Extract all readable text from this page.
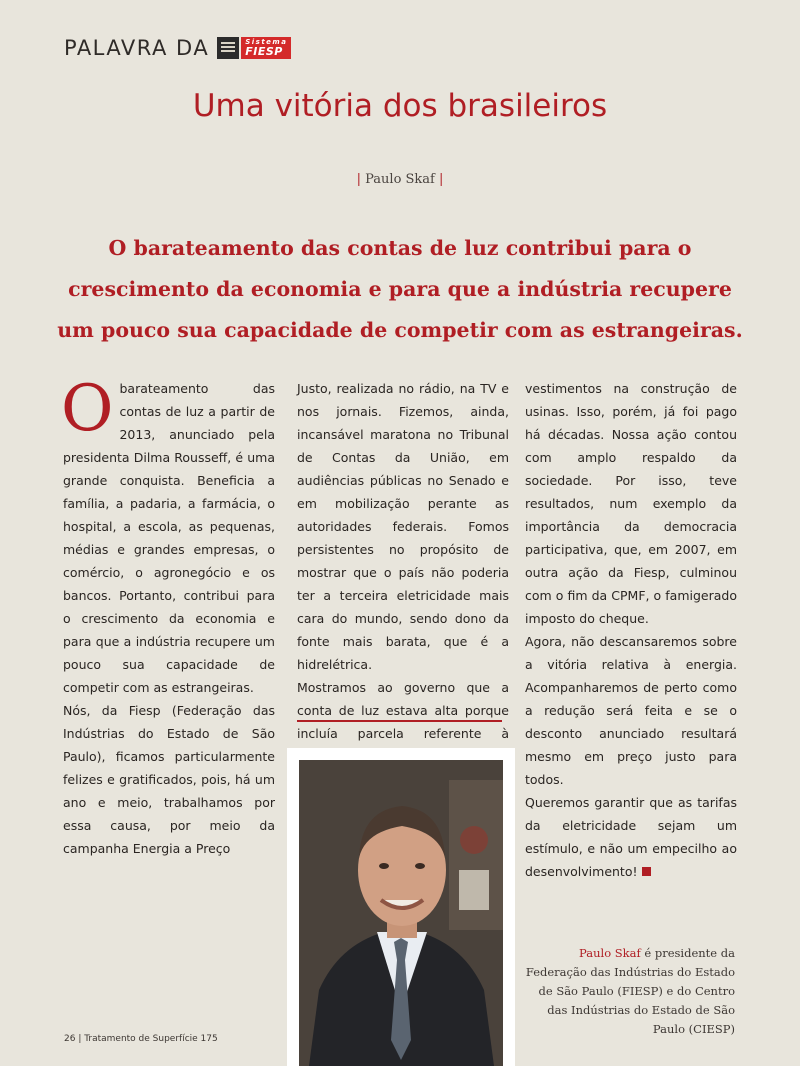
PALAVRA DA	Sistema
FIESP
Uma vitória dos brasileiros
| Paulo Skaf |

O barateamento das contas de luz contribui para o crescimento da economia e para que a indústria recupere um pouco sua capacidade de competir com as estrangeiras.

Obarateamento das contas de luz a partir de 2013, anunciado pela presidenta Dilma Rousseff, é uma grande conquista. Beneficia a família, a padaria, a farmácia, o hospital, a escola, as pequenas, médias e grandes empresas, o comércio, o agronegócio e os bancos. Portanto, contribui para o crescimento da economia e para que a indústria recupere um pouco sua capacidade de competir com as estrangeiras.

Nós, da Fiesp (Federação das Indústrias do Estado de São Paulo), ficamos particularmente felizes e gratificados, pois, há um ano e meio, trabalhamos por essa causa, por meio da campanha Energia a Preço

Justo, realizada no rádio, na TV e nos jornais. Fizemos, ainda, incansável maratona no Tribunal de Contas da União, em audiências públicas no Senado e em mobilização perante as autoridades federais. Fomos persistentes no propósito de mostrar que o país não poderia ter a terceira eletricidade mais cara do mundo, sendo dono da fonte mais barata, que é a hidrelétrica.

Mostramos ao governo que a conta de luz estava alta porque incluía parcela referente à

vestimentos na construção de usinas. Isso, porém, já foi pago há décadas. Nossa ação contou com amplo respaldo da sociedade. Por isso, teve resultados, num exemplo da importância da democracia participativa, que, em 2007, em outra ação da Fiesp, culminou com o fim da CPMF, o famigerado imposto do cheque.

Agora, não descansaremos sobre a vitória relativa à energia. Acompanharemos de perto como a redução será feita e se o desconto anunciado resultará mesmo em preço justo para todos.

Queremos garantir que as tarifas da eletricidade sejam um estímulo, e não um empecilho ao desenvolvimento!

Paulo Skaf é presidente da Federação das Indústrias do Estado de São Paulo (FIESP) e do Centro das Indústrias do Estado de São Paulo (CIESP)
26 | Tratamento de Superfície 175
